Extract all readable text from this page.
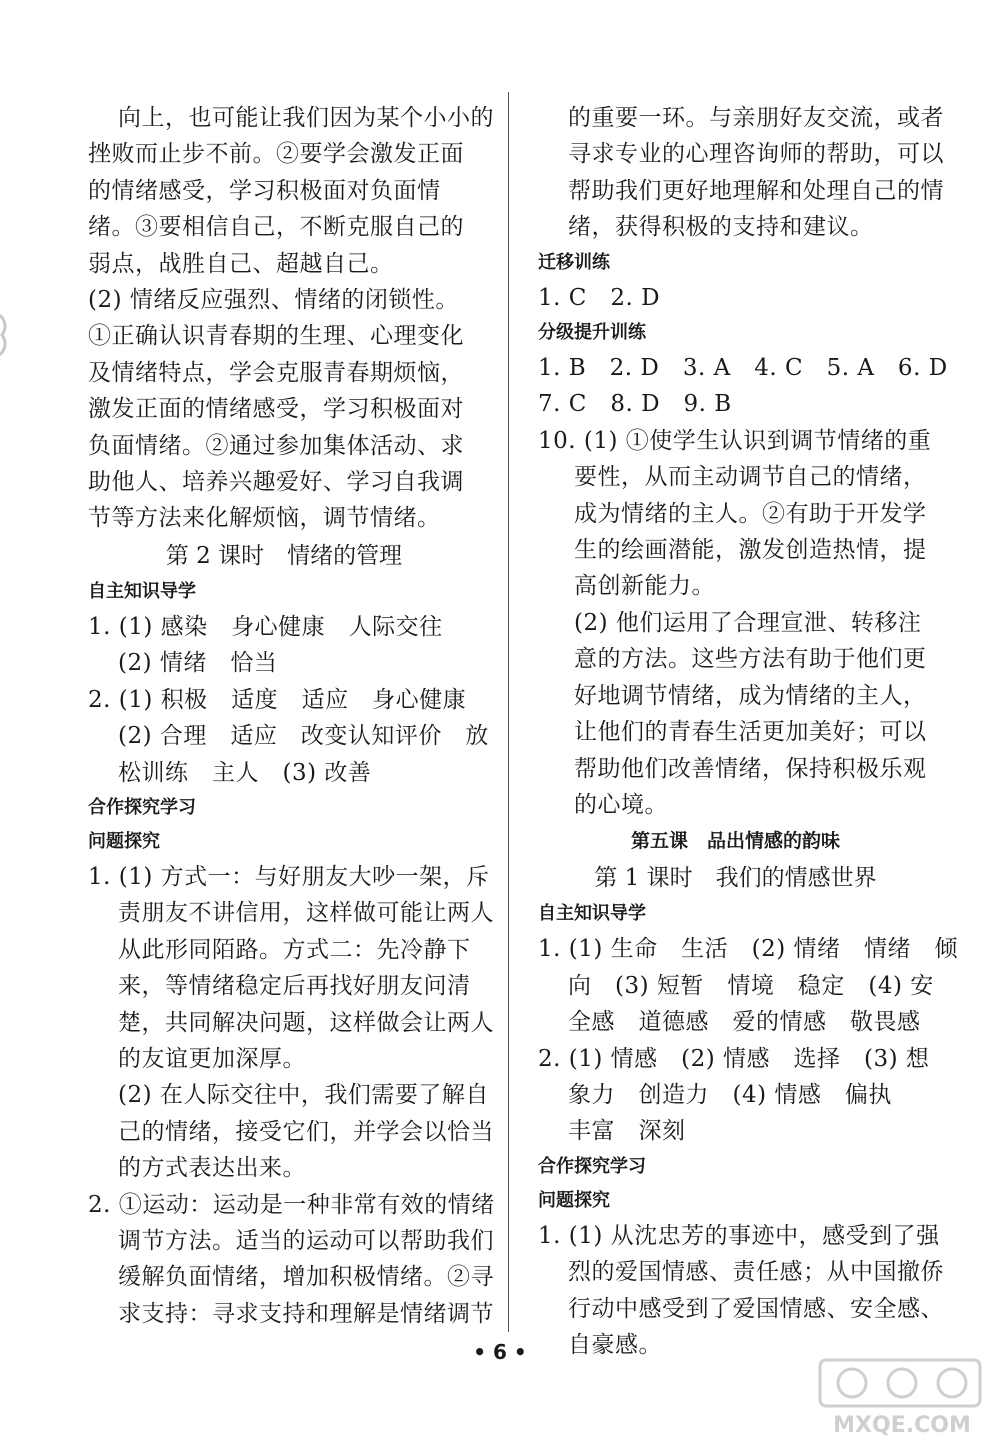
向上，也可能让我们因为某个小小的
挫败而止步不前。②要学会激发正面
的情绪感受，学习积极面对负面情
绪。③要相信自己，不断克服自己的
弱点，战胜自己、超越自己。
(2) 情绪反应强烈、情绪的闭锁性。
①正确认识青春期的生理、心理变化
及情绪特点，学会克服青春期烦恼，
激发正面的情绪感受，学习积极面对
负面情绪。②通过参加集体活动、求
助他人、培养兴趣爱好、学习自我调
节等方法来化解烦恼，调节情绪。
第 2 课时　情绪的管理
自主知识导学
1. (1) 感染　身心健康　人际交往
(2) 情绪　恰当
2. (1) 积极　适度　适应　身心健康
(2) 合理　适应　改变认知评价　放
松训练　主人　(3) 改善
合作探究学习
问题探究
1. (1) 方式一：与好朋友大吵一架，斥
责朋友不讲信用，这样做可能让两人
从此形同陌路。方式二：先冷静下
来，等情绪稳定后再找好朋友问清
楚，共同解决问题，这样做会让两人
的友谊更加深厚。
(2) 在人际交往中，我们需要了解自
己的情绪，接受它们，并学会以恰当
的方式表达出来。
2. ①运动：运动是一种非常有效的情绪
调节方法。适当的运动可以帮助我们
缓解负面情绪，增加积极情绪。②寻
求支持：寻求支持和理解是情绪调节
的重要一环。与亲朋好友交流，或者
寻求专业的心理咨询师的帮助，可以
帮助我们更好地理解和处理自己的情
绪，获得积极的支持和建议。
迁移训练
1. C　2. D
分级提升训练
1. B　2. D　3. A　4. C　5. A　6. D
7. C　8. D　9. B
10. (1) ①使学生认识到调节情绪的重
要性，从而主动调节自己的情绪，
成为情绪的主人。②有助于开发学
生的绘画潜能，激发创造热情，提
高创新能力。
(2) 他们运用了合理宣泄、转移注
意的方法。这些方法有助于他们更
好地调节情绪，成为情绪的主人，
让他们的青春生活更加美好；可以
帮助他们改善情绪，保持积极乐观
的心境。
第五课　品出情感的韵味
第 1 课时　我们的情感世界
自主知识导学
1. (1) 生命　生活　(2) 情绪　情绪　倾
向　(3) 短暂　情境　稳定　(4) 安
全感　道德感　爱的情感　敬畏感
2. (1) 情感　(2) 情感　选择　(3) 想
象力　创造力　(4) 情感　偏执
丰富　深刻
合作探究学习
问题探究
1. (1) 从沈忠芳的事迹中，感受到了强
烈的爱国情感、责任感；从中国撤侨
行动中感受到了爱国情感、安全感、
自豪感。
• 6 •
MXQE.COM
